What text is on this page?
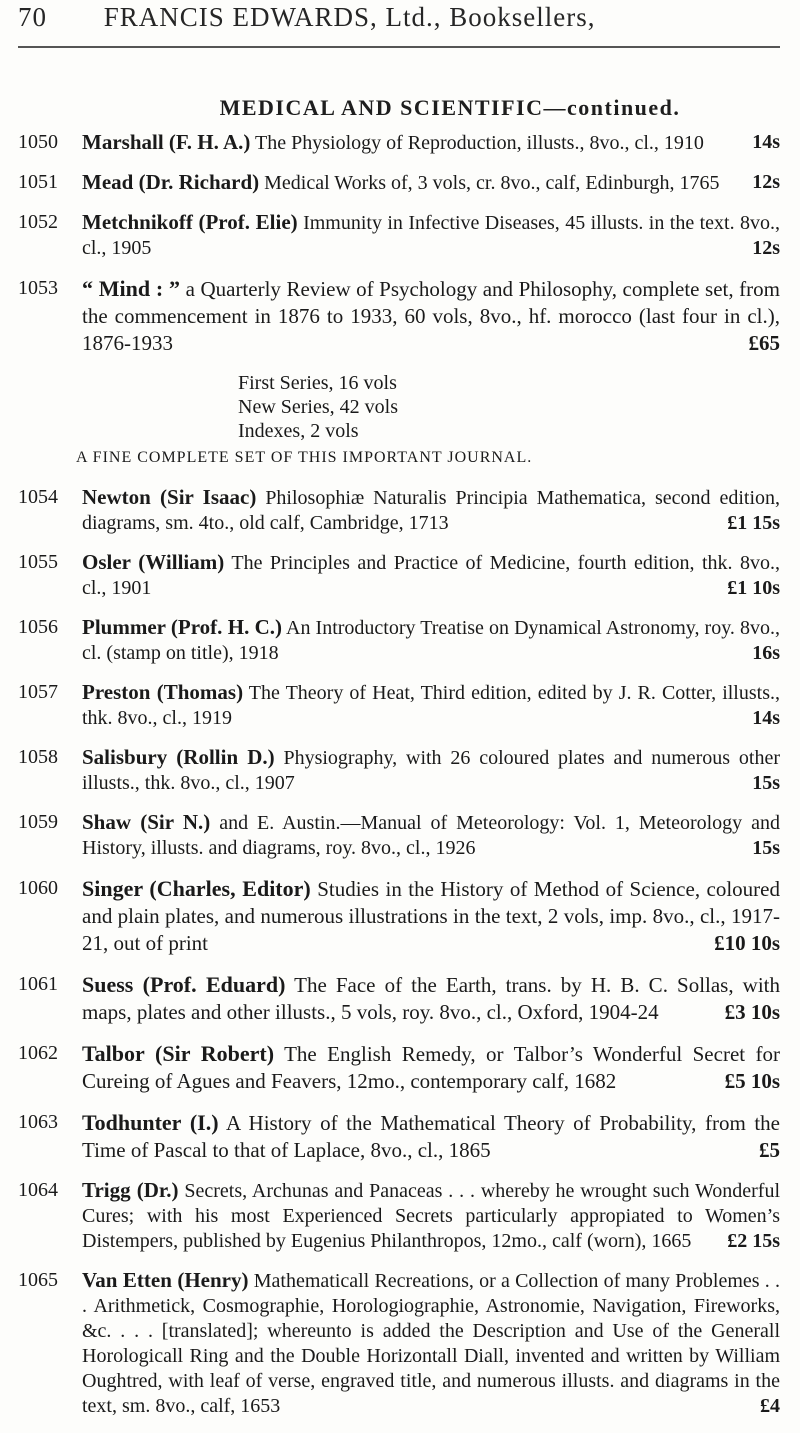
70 FRANCIS EDWARDS, Ltd., Booksellers,
MEDICAL AND SCIENTIFIC—continued.
1050 Marshall (F. H. A.) The Physiology of Reproduction, illusts., 8vo., cl., 1910 14s
1051 Mead (Dr. Richard) Medical Works of, 3 vols, cr. 8vo., calf, Edinburgh, 1765 12s
1052 Metchnikoff (Prof. Elie) Immunity in Infective Diseases, 45 illusts. in the text. 8vo., cl., 1905	12s
1053 “ Mind : ” a Quarterly Review of Psychology and Philosophy, complete set, from the commencement in 1876 to 1933, 60 vols, 8vo., hf. morocco (last four in cl.), 1876-1933	£65
First Series, 16 vols
New Series, 42 vols
Indexes, 2 vols
A FINE COMPLETE SET OF THIS IMPORTANT JOURNAL.
1054 Newton (Sir Isaac) Philosophiæ Naturalis Principia Mathematica, second edition, diagrams, sm. 4to., old calf, Cambridge, 1713	£1 15s
1055 Osler (William) The Principles and Practice of Medicine, fourth edition, thk. 8vo., cl., 1901	£1 10s
1056 Plummer (Prof. H. C.) An Introductory Treatise on Dynamical Astronomy, roy. 8vo., cl. (stamp on title), 1918	16s
1057 Preston (Thomas) The Theory of Heat, Third edition, edited by J. R. Cotter, illusts., thk. 8vo., cl., 1919	14s
1058 Salisbury (Rollin D.) Physiography, with 26 coloured plates and numerous other illusts., thk. 8vo., cl., 1907	15s
1059 Shaw (Sir N.) and E. Austin.—Manual of Meteorology: Vol. 1, Meteorology and History, illusts. and diagrams, roy. 8vo., cl., 1926	15s
1060 Singer (Charles, Editor) Studies in the History of Method of Science, coloured and plain plates, and numerous illustrations in the text, 2 vols, imp. 8vo., cl., 1917-21, out of print	£10 10s
1061 Suess (Prof. Eduard) The Face of the Earth, trans. by H. B. C. Sollas, with maps, plates and other illusts., 5 vols, roy. 8vo., cl., Oxford, 1904-24	£3 10s
1062 Talbor (Sir Robert) The English Remedy, or Talbor’s Wonderful Secret for Cureing of Agues and Feavers, 12mo., contemporary calf, 1682	£5 10s
1063 Todhunter (I.) A History of the Mathematical Theory of Probability, from the Time of Pascal to that of Laplace, 8vo., cl., 1865	£5
1064 Trigg (Dr.) Secrets, Archunas and Panaceas . . . whereby he wrought such Wonderful Cures; with his most Experienced Secrets particularly appropiated to Women’s Distempers, published by Eugenius Philanthropos, 12mo., calf (worn), 1665 £2 15s
1065 Van Etten (Henry) Mathematicall Recreations, or a Collection of many Problemes . . . Arithmetick, Cosmographie, Horologiographie, Astronomie, Navigation, Fireworks, &c. . . . [translated]; whereunto is added the Description and Use of the Generall Horologicall Ring and the Double Horizontall Diall, invented and written by William Oughtred, with leaf of verse, engraved title, and numerous illusts. and diagrams in the text, sm. 8vo., calf, 1653	£4
